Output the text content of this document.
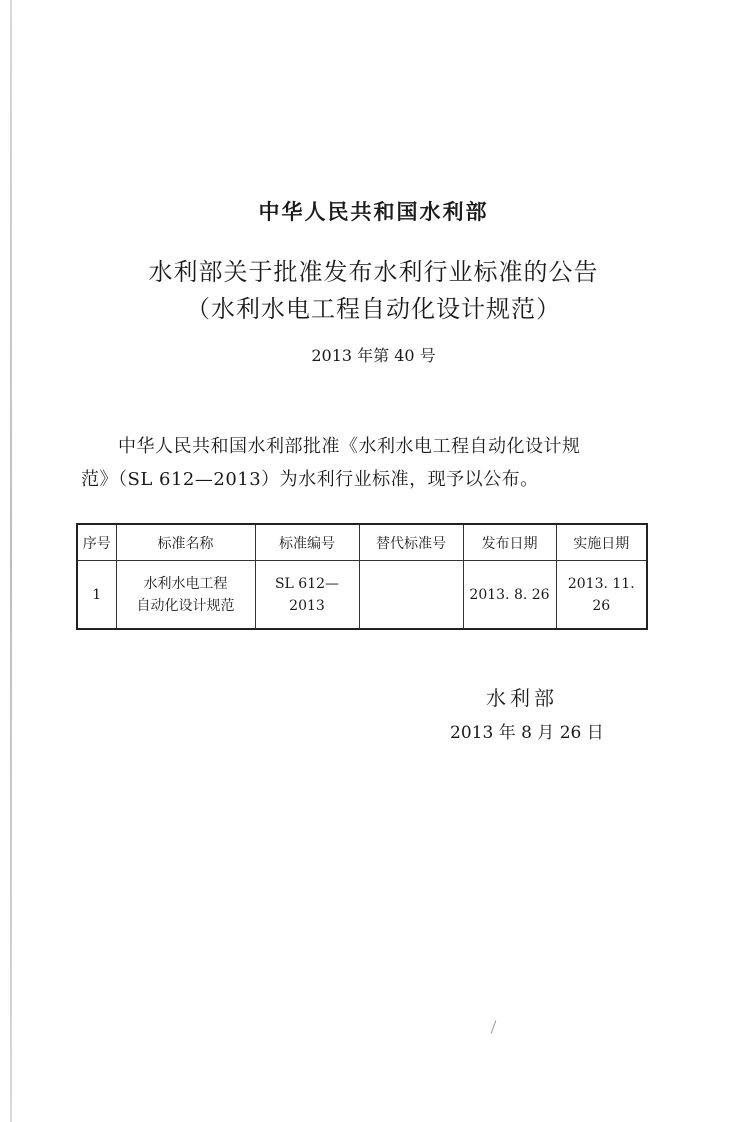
中华人民共和国水利部
水利部关于批准发布水利行业标准的公告
（水利水电工程自动化设计规范）
2013 年第 40 号
中华人民共和国水利部批准《水利水电工程自动化设计规
范》（SL 612—2013）为水利行业标准，现予以公布。
序号	标准名称	标准编号	替代标准号	发布日期	实施日期
1	水利水电工程
自动化设计规范	SL 612—2013		2013. 8. 26	2013. 11. 26
水利部
2013 年 8 月 26 日
